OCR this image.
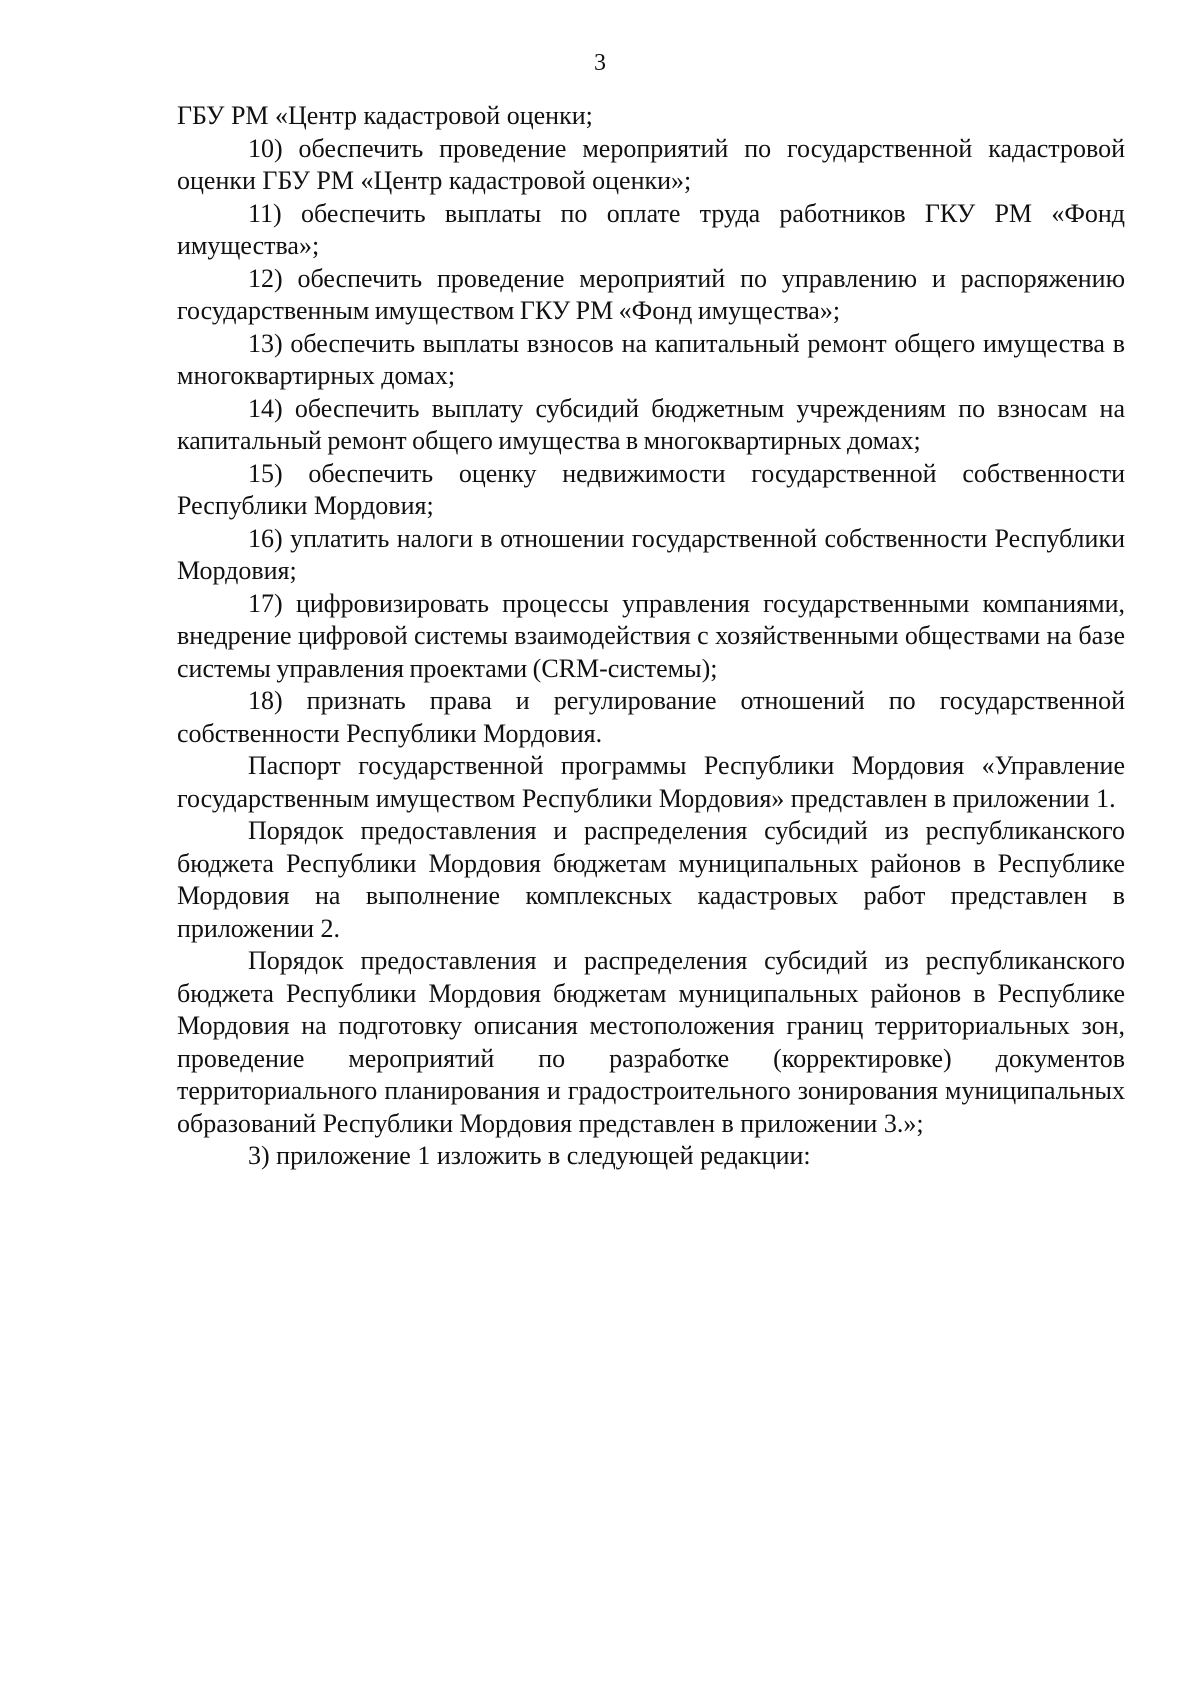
3

ГБУ РМ «Центр кадастровой оценки;

10) обеспечить проведение мероприятий по государственной кадастровой оценки ГБУ РМ «Центр кадастровой оценки»;

11) обеспечить выплаты по оплате труда работников ГКУ РМ «Фонд имущества»;

12) обеспечить проведение мероприятий по управлению и распоряжению государственным имуществом ГКУ РМ «Фонд имущества»;

13) обеспечить выплаты взносов на капитальный ремонт общего имущества в многоквартирных домах;

14) обеспечить выплату субсидий бюджетным учреждениям по взносам на капитальный ремонт общего имущества в многоквартирных домах;

15) обеспечить оценку недвижимости государственной собственности Республики Мордовия;

16) уплатить налоги в отношении государственной собственности Республики Мордовия;

17) цифровизировать процессы управления государственными компаниями, внедрение цифровой системы взаимодействия с хозяйственными обществами на базе системы управления проектами (CRM-системы);

18) признать права и регулирование отношений по государственной собственности Республики Мордовия.

Паспорт государственной программы Республики Мордовия «Управление государственным имуществом Республики Мордовия» представлен в приложении 1.

Порядок предоставления и распределения субсидий из республиканского бюджета Республики Мордовия бюджетам муниципальных районов в Республике Мордовия на выполнение комплексных кадастровых работ представлен в приложении 2.

Порядок предоставления и распределения субсидий из республиканского бюджета Республики Мордовия бюджетам муниципальных районов в Республике Мордовия на подготовку описания местоположения границ территориальных зон, проведение мероприятий по разработке (корректировке) документов территориального планирования и градостроительного зонирования муниципальных образований Республики Мордовия представлен в приложении 3.»;

3) приложение 1 изложить в следующей редакции:
